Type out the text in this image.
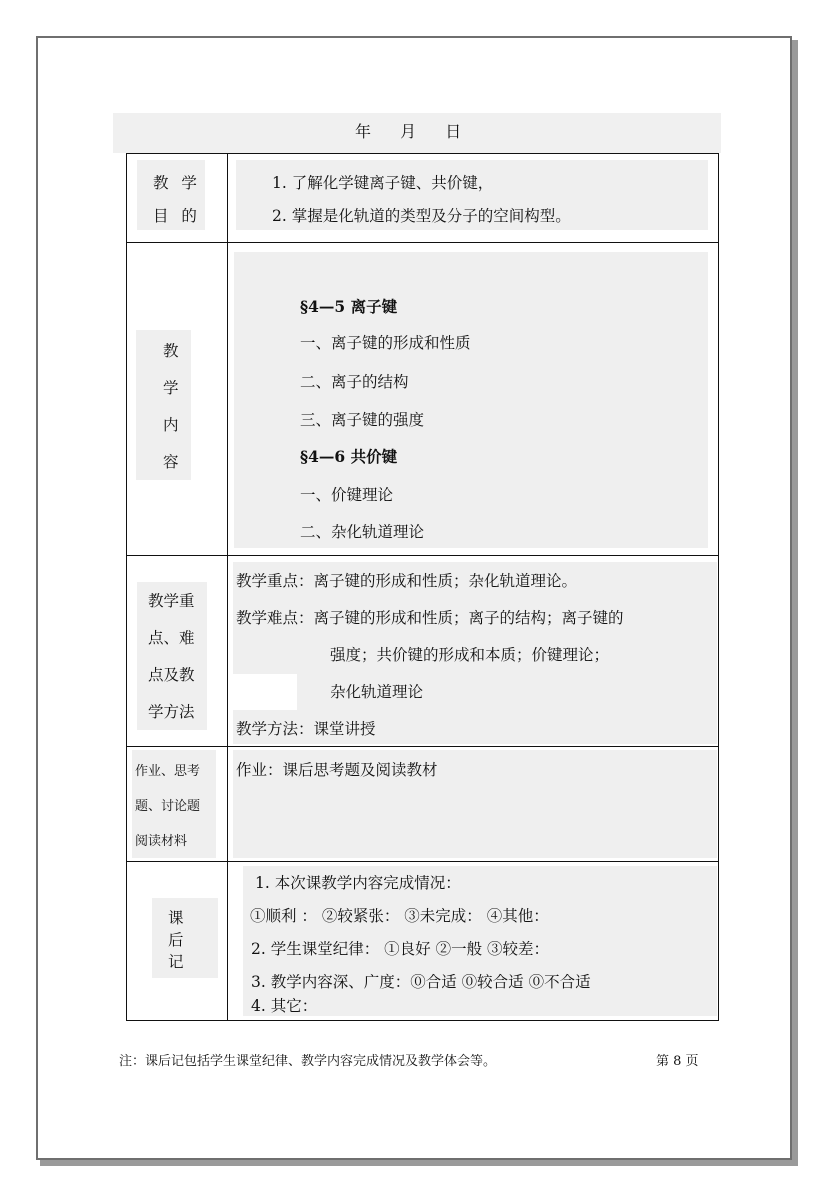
年 月 日
教 学
目 的
1. 了解化学键离子键、共价键，
2. 掌握是化轨道的类型及分子的空间构型。
教
学
内
容
§4—5 离子键
一、离子键的形成和性质
二、离子的结构
三、离子键的强度
§4—6 共价键
一、价键理论
二、杂化轨道理论
教学重
点、难
点及教
学方法
教学重点：离子键的形成和性质；杂化轨道理论。
教学难点：离子键的形成和性质；离子的结构；离子键的
强度；共价键的形成和本质；价键理论；
杂化轨道理论
教学方法：课堂讲授
作业、思考
题、讨论题
阅读材料
作业：课后思考题及阅读教材
课
后
记
1. 本次课教学内容完成情况：
①顺利 ： ②较紧张： ③未完成： ④其他：
2. 学生课堂纪律： ①良好 ②一般 ③较差：
3. 教学内容深、广度：⓪合适 ⓪较合适 ⓪不合适
4. 其它：
注：课后记包括学生课堂纪律、教学内容完成情况及教学体会等。	第 8 页
